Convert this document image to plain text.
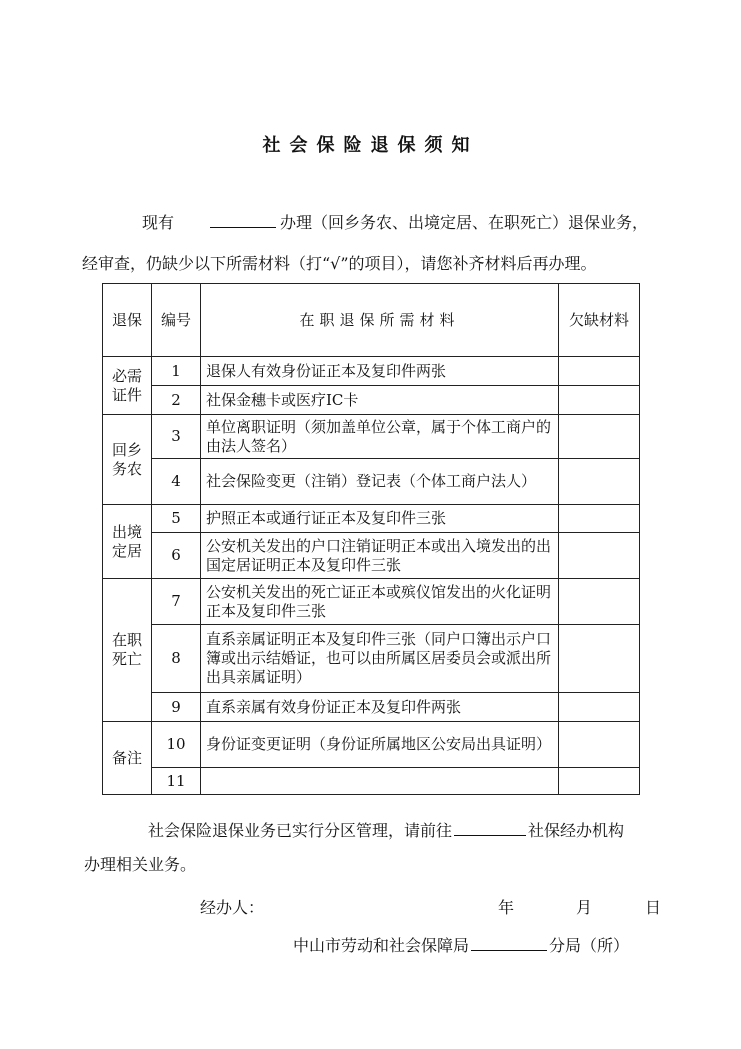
社会保险退保须知
现有	办理（回乡务农、出境定居、在职死亡）退保业务，
经审查，仍缺少以下所需材料（打“√”的项目），请您补齐材料后再办理。
退保	编号	在职退保所需材料	欠缺材料
必需证件	1	退保人有效身份证正本及复印件两张	
	2	社保金穗卡或医疗IC卡	
回乡务农	3	单位离职证明（须加盖单位公章，属于个体工商户的由法人签名）	
	4	社会保险变更（注销）登记表（个体工商户法人）	
出境定居	5	护照正本或通行证正本及复印件三张	
	6	公安机关发出的户口注销证明正本或出入境发出的出国定居证明正本及复印件三张	
在职死亡	7	公安机关发出的死亡证正本或殡仪馆发出的火化证明正本及复印件三张	
	8	直系亲属证明正本及复印件三张（同户口簿出示户口簿或出示结婚证，也可以由所属区居委员会或派出所出具亲属证明）	
	9	直系亲属有效身份证正本及复印件两张	
备注	10	身份证变更证明（身份证所属地区公安局出具证明）	
	11		
社会保险退保业务已实行分区管理，请前往	社保经办机构
办理相关业务。
经办人：	年	月	日
中山市劳动和社会保障局	分局（所）
